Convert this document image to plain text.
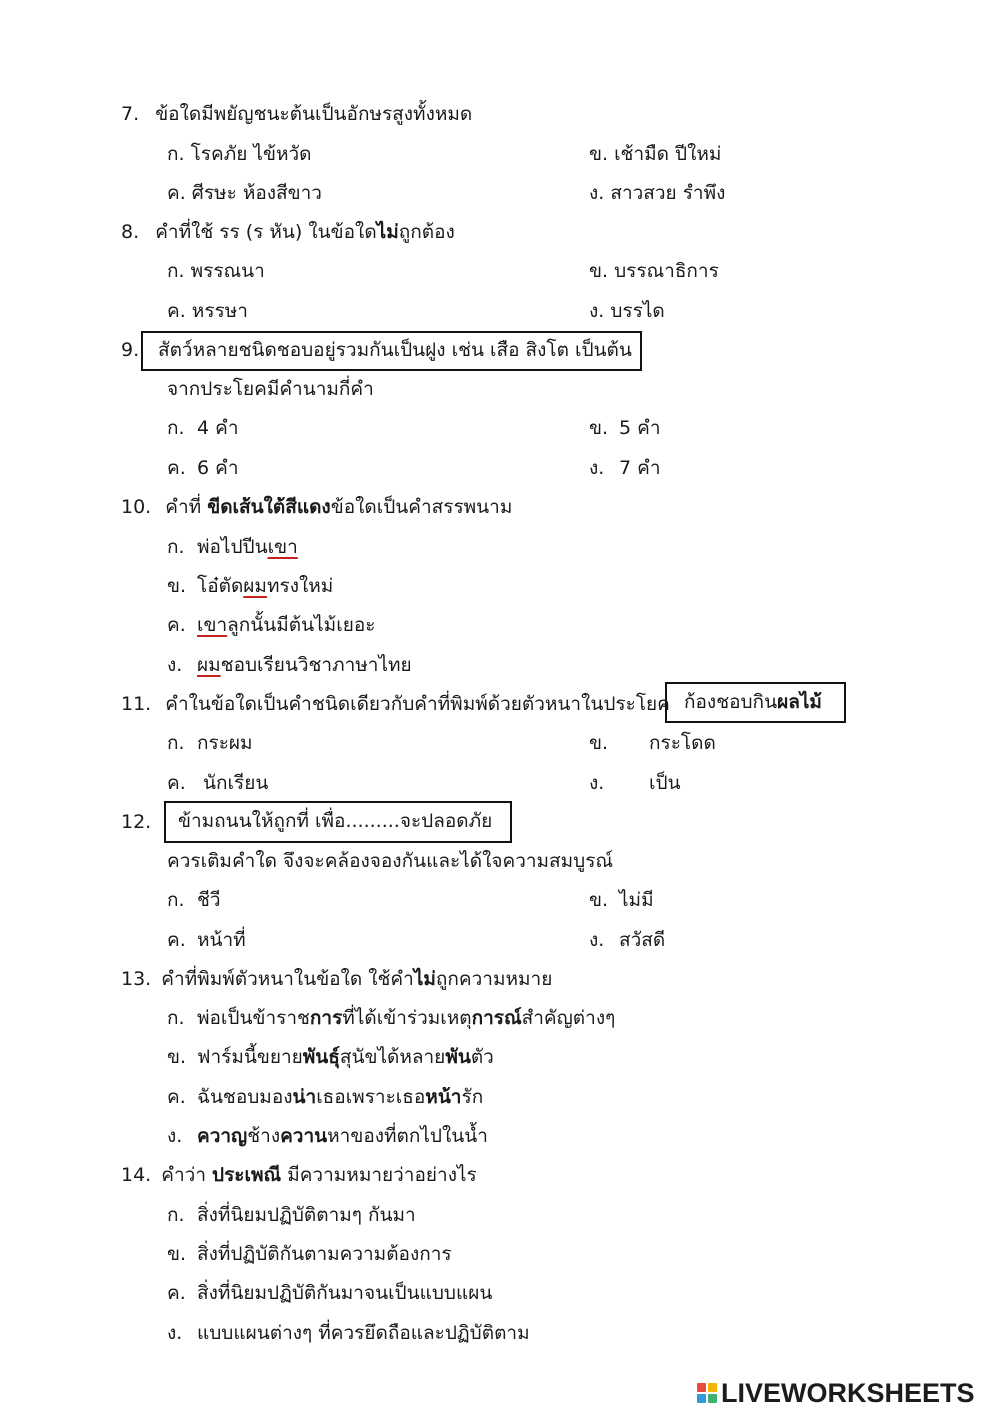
7. ข้อใดมีพยัญชนะต้นเป็นอักษรสูงทั้งหมด
ก. โรคภัย ไข้หวัด	ข. เช้ามืด ปีใหม่
ค. ศีรษะ ห้องสีขาว	ง. สาวสวย รำพึง
8. คำที่ใช้ รร (ร หัน) ในข้อใดไม่ถูกต้อง
ก. พรรณนา	ข. บรรณาธิการ
ค. หรรษา	ง. บรรได
9. สัตว์หลายชนิดชอบอยู่รวมกันเป็นฝูง เช่น เสือ สิงโต เป็นต้น
จากประโยคมีคำนามกี่คำ
ก. 4 คำ	ข. 5 คำ
ค. 6 คำ	ง. 7 คำ
10. คำที่ ขีดเส้นใต้สีแดงข้อใดเป็นคำสรรพนาม
ก. พ่อไปปีนเขา
ข. โอ๋ตัดผมทรงใหม่
ค. เขาลูกนั้นมีต้นไม้เยอะ
ง. ผมชอบเรียนวิชาภาษาไทย
11. คำในข้อใดเป็นคำชนิดเดียวกับคำที่พิมพ์ด้วยตัวหนาในประโยค ก้องชอบกินผลไม้
ก. กระผม	ข. กระโดด
ค. นักเรียน	ง. เป็น
12. ข้ามถนนให้ถูกที่ เพื่อ.........จะปลอดภัย
ควรเติมคำใด จึงจะคล้องจองกันและได้ใจความสมบูรณ์
ก. ชีวี	ข. ไม่มี
ค. หน้าที่	ง. สวัสดี
13. คำที่พิมพ์ตัวหนาในข้อใด ใช้คำไม่ถูกความหมาย
ก. พ่อเป็นข้าราชการที่ได้เข้าร่วมเหตุการณ์สำคัญต่างๆ
ข. ฟาร์มนี้ขยายพันธุ์สุนัขได้หลายพันตัว
ค. ฉันชอบมองน่าเธอเพราะเธอหน้ารัก
ง. ควาญช้างควานหาของที่ตกไปในน้ำ
14. คำว่า ประเพณี มีความหมายว่าอย่างไร
ก. สิ่งที่นิยมปฏิบัติตามๆ กันมา
ข. สิ่งที่ปฏิบัติกันตามความต้องการ
ค. สิ่งที่นิยมปฏิบัติกันมาจนเป็นแบบแผน
ง. แบบแผนต่างๆ ที่ควรยึดถือและปฏิบัติตาม
LIVEWORKSHEETS
